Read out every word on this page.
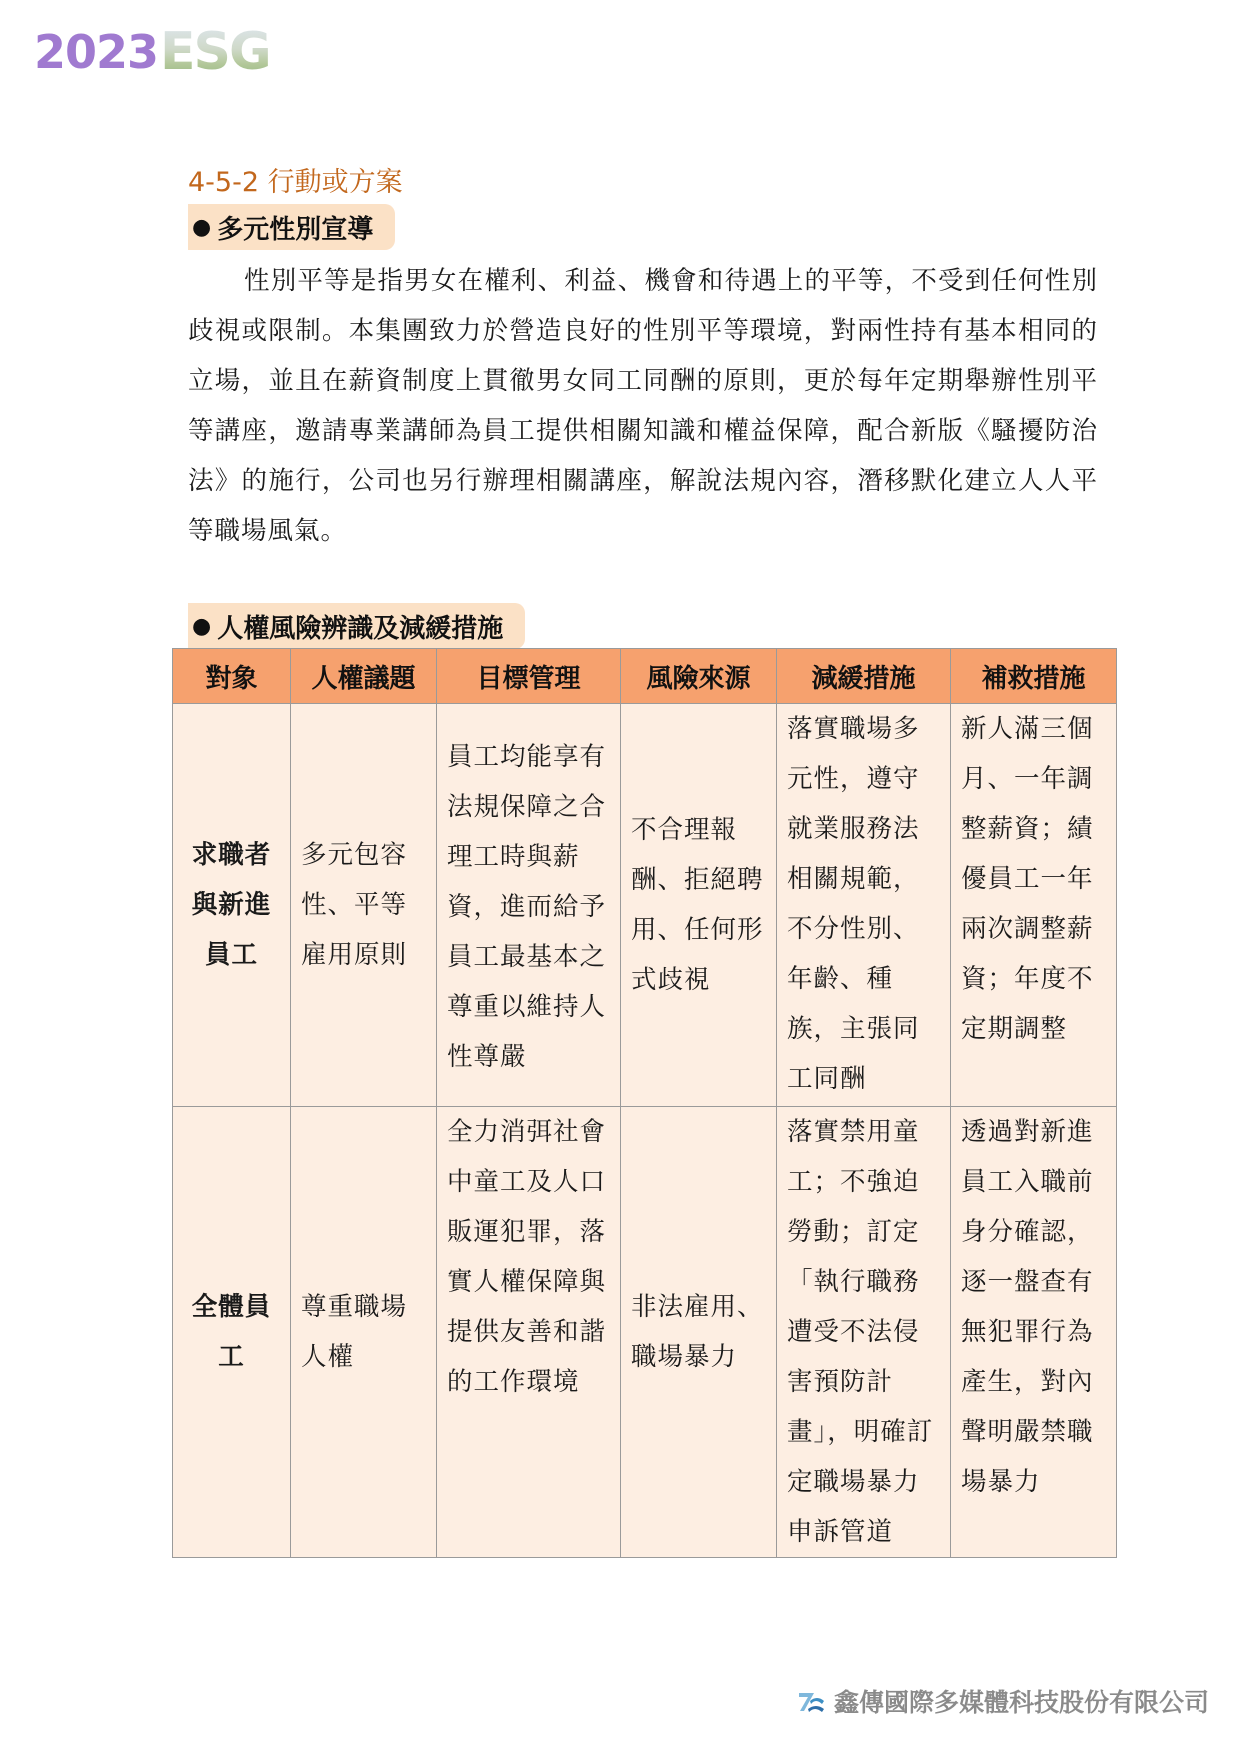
2023 ESG
4-5-2 行動或方案
● 多元性別宣導
性別平等是指男女在權利、利益、機會和待遇上的平等，不受到任何性別歧視或限制。本集團致力於營造良好的性別平等環境，對兩性持有基本相同的立場，並且在薪資制度上貫徹男女同工同酬的原則，更於每年定期舉辦性別平等講座，邀請專業講師為員工提供相關知識和權益保障，配合新版《騷擾防治法》的施行，公司也另行辦理相關講座，解說法規內容，潛移默化建立人人平等職場風氣。
● 人權風險辨識及減緩措施
對象	人權議題	目標管理	風險來源	減緩措施	補救措施
求職者與新進員工	多元包容性、平等雇用原則	員工均能享有法規保障之合理工時與薪資，進而給予員工最基本之尊重以維持人性尊嚴	不合理報酬、拒絕聘用、任何形式歧視	落實職場多元性，遵守就業服務法相關規範，不分性別、年齡、種族，主張同工同酬	新人滿三個月、一年調整薪資；績優員工一年兩次調整薪資；年度不定期調整
全體員工	尊重職場人權	全力消弭社會中童工及人口販運犯罪，落實人權保障與提供友善和諧的工作環境	非法雇用、職場暴力	落實禁用童工；不強迫勞動；訂定「執行職務遭受不法侵害預防計畫」，明確訂定職場暴力申訴管道	透過對新進員工入職前身分確認，逐一盤查有無犯罪行為產生，對內聲明嚴禁職場暴力
鑫傳國際多媒體科技股份有限公司
